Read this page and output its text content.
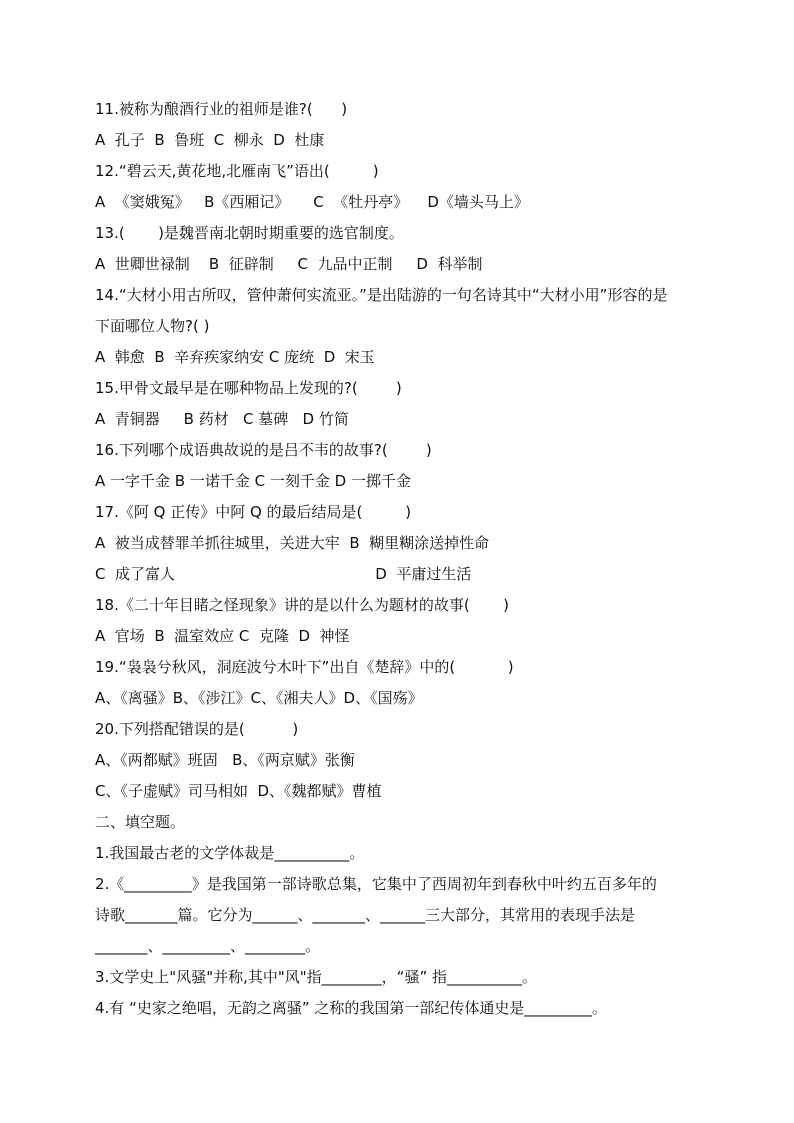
11.被称为酿酒行业的祖师是谁?(      )
A  孔子  B  鲁班  C  柳永  D  杜康
12.“碧云天,黄花地,北雁南飞”语出(         )
A  《窦娥冤》   B《西厢记》     C  《牡丹亭》    D《墙头马上》
13.(       )是魏晋南北朝时期重要的选官制度。
A  世卿世禄制    B  征辟制     C  九品中正制     D  科举制
14.“大材小用古所叹，管仲萧何实流亚。”是出陆游的一句名诗其中“大材小用”形容的是
下面哪位人物?( )
A  韩愈  B  辛弃疾家纳安 C 庞统  D  宋玉
15.甲骨文最早是在哪种物品上发现的?(        )
A  青铜器     B 药材   C 墓碑   D 竹简
16.下列哪个成语典故说的是吕不韦的故事?(        )
A 一字千金 B 一诺千金 C 一刻千金 D 一掷千金
17.《阿 Q 正传》中阿 Q 的最后结局是(         )
A  被当成替罪羊抓往城里，关进大牢  B  糊里糊涂送掉性命
C  成了富人                                          D  平庸过生活
18.《二十年目睹之怪现象》讲的是以什么为题材的故事(       )
A  官场  B  温室效应 C  克隆  D  神怪
19.“袅袅兮秋风，洞庭波兮木叶下”出自《楚辞》中的(           )
A、《离骚》B、《涉江》C、《湘夫人》D、《国殇》
20.下列搭配错误的是(          )
A、《两都赋》班固   B、《两京赋》张衡
C、《子虚赋》司马相如  D、《魏都赋》曹植
二、填空题。
1.我国最古老的文学体裁是__________。
2.《_________》是我国第一部诗歌总集，它集中了西周初年到春秋中叶约五百多年的
诗歌_______篇。它分为______、_______、______三大部分，其常用的表现手法是
_______、_________、________。
3.文学史上"风骚"并称,其中"风"指________，“骚” 指__________。
4.有 “史家之绝唱，无韵之离骚” 之称的我国第一部纪传体通史是_________。
